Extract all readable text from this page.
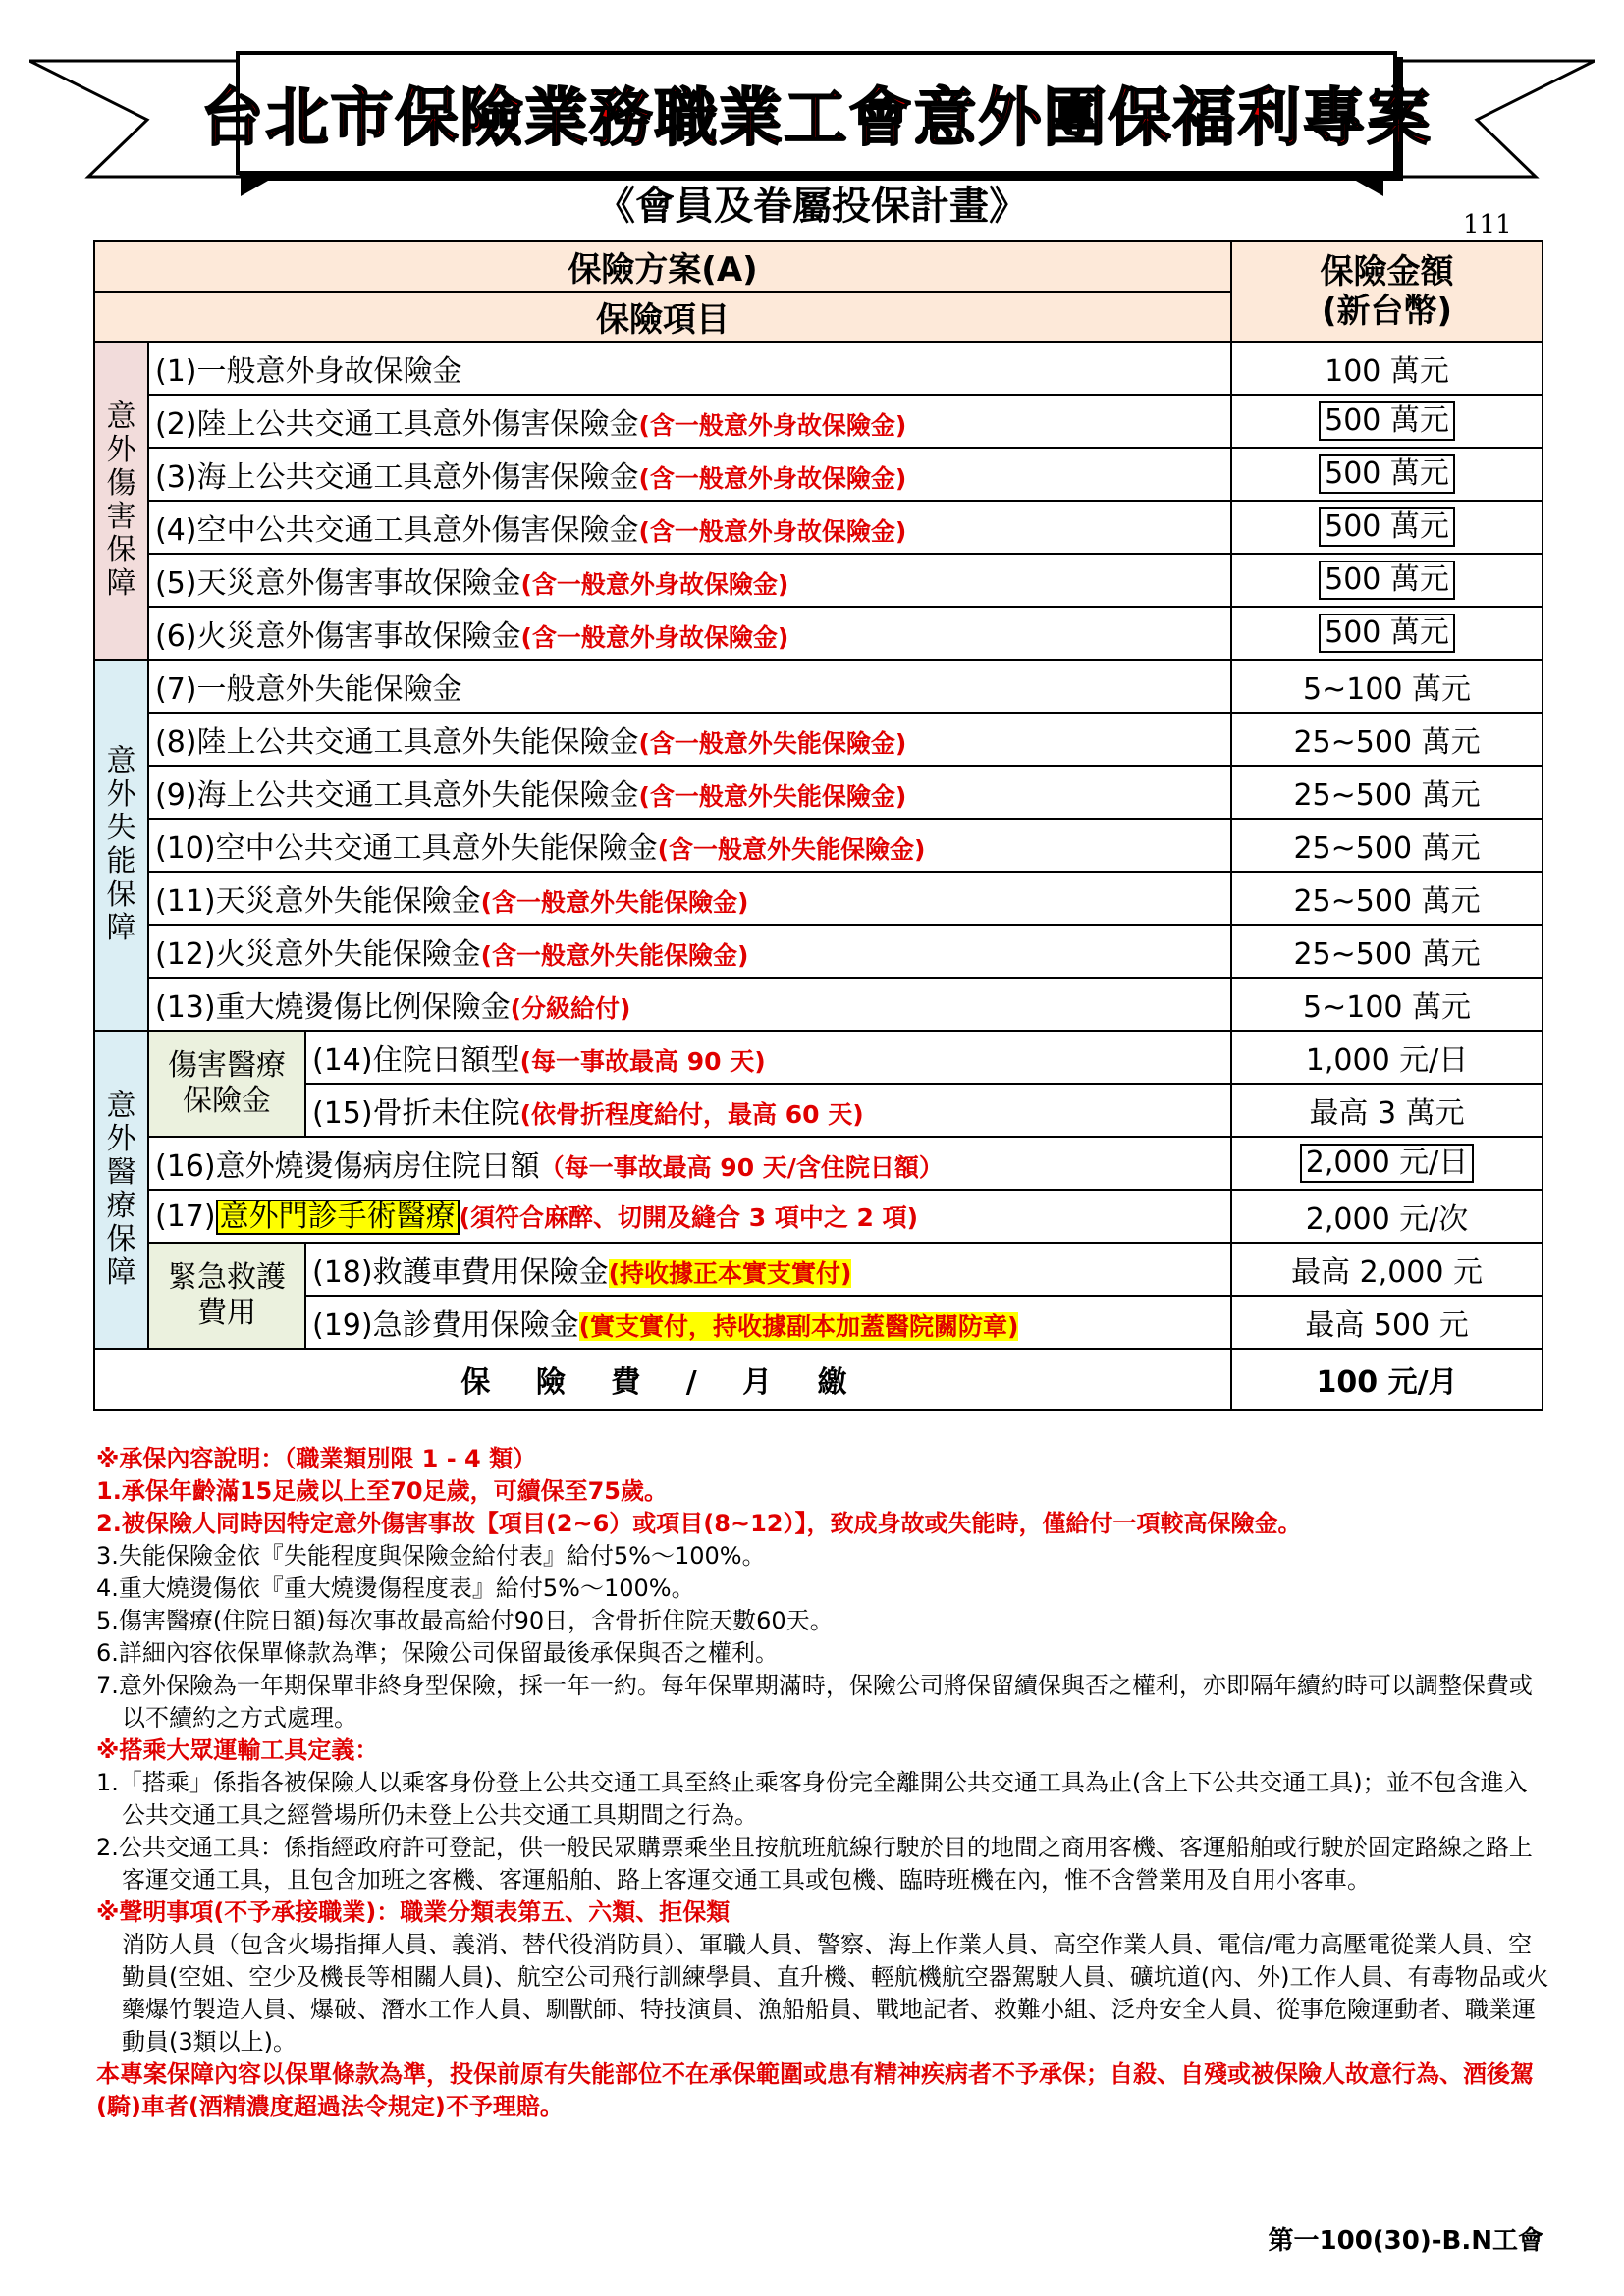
台北市保險業務職業工會意外團保福利專案
《會員及眷屬投保計畫》	111
保險方案(A)			保險金額
(新台幣)
保險項目			
意外傷害保障	(1)一般意外身故保險金		100 萬元
	(2)陸上公共交通工具意外傷害保險金(含一般意外身故保險金)		500 萬元
	(3)海上公共交通工具意外傷害保險金(含一般意外身故保險金)		500 萬元
	(4)空中公共交通工具意外傷害保險金(含一般意外身故保險金)		500 萬元
	(5)天災意外傷害事故保險金(含一般意外身故保險金)		500 萬元
	(6)火災意外傷害事故保險金(含一般意外身故保險金)		500 萬元
意外失能保障	(7)一般意外失能保險金		5~100 萬元
	(8)陸上公共交通工具意外失能保險金(含一般意外失能保險金)		25~500 萬元
	(9)海上公共交通工具意外失能保險金(含一般意外失能保險金)		25~500 萬元
	(10)空中公共交通工具意外失能保險金(含一般意外失能保險金)		25~500 萬元
	(11)天災意外失能保險金(含一般意外失能保險金)		25~500 萬元
	(12)火災意外失能保險金(含一般意外失能保險金)		25~500 萬元
	(13)重大燒燙傷比例保險金(分級給付)		5~100 萬元
意外醫療保障	傷害醫療保險金	(14)住院日額型(每一事故最高 90 天)	1,000 元/日
		(15)骨折未住院(依骨折程度給付，最高 60 天)	最高 3 萬元
	(16)意外燒燙傷病房住院日額（每一事故最高 90 天/含住院日額）		2,000 元/日
	(17) 意外門診手術醫療 (須符合麻醉、切開及縫合 3 項中之 2 項)		2,000 元/次
	緊急救護費用	(18)救護車費用保險金(持收據正本實支實付)	最高 2,000 元
		(19)急診費用保險金(實支實付，持收據副本加蓋醫院關防章)	最高 500 元
保 險 費 / 月 繳			100 元/月

※承保內容說明：（職業類別限 1 - 4 類）

1.承保年齡滿15足歲以上至70足歲，可續保至75歲。

2.被保險人同時因特定意外傷害事故【項目(2~6）或項目(8~12）】，致成身故或失能時，僅給付一項較高保險金。

3.失能保險金依『失能程度與保險金給付表』給付5%～100%。

4.重大燒燙傷依『重大燒燙傷程度表』給付5%～100%。

5.傷害醫療(住院日額)每次事故最高給付90日，含骨折住院天數60天。

6.詳細內容依保單條款為準；保險公司保留最後承保與否之權利。

7.意外保險為一年期保單非終身型保險，採一年一約。每年保單期滿時，保險公司將保留續保與否之權利，亦即隔年續約時可以調整保費或以不續約之方式處理。

※搭乘大眾運輸工具定義：

1.「搭乘」係指各被保險人以乘客身份登上公共交通工具至終止乘客身份完全離開公共交通工具為止(含上下公共交通工具)；並不包含進入公共交通工具之經營場所仍未登上公共交通工具期間之行為。

2.公共交通工具：係指經政府許可登記，供一般民眾購票乘坐且按航班航線行駛於目的地間之商用客機、客運船舶或行駛於固定路線之路上客運交通工具，且包含加班之客機、客運船舶、路上客運交通工具或包機、臨時班機在內，惟不含營業用及自用小客車。

※聲明事項(不予承接職業)：職業分類表第五、六類、拒保類

消防人員（包含火場指揮人員、義消、替代役消防員）、軍職人員、警察、海上作業人員、高空作業人員、電信/電力高壓電從業人員、空勤員(空姐、空少及機長等相關人員)、航空公司飛行訓練學員、直升機、輕航機航空器駕駛人員、礦坑道(內、外)工作人員、有毒物品或火藥爆竹製造人員、爆破、潛水工作人員、馴獸師、特技演員、漁船船員、戰地記者、救難小組、泛舟安全人員、從事危險運動者、職業運動員(3類以上)。

本專案保障內容以保單條款為準，投保前原有失能部位不在承保範圍或患有精神疾病者不予承保；自殺、自殘或被保險人故意行為、酒後駕(騎)車者(酒精濃度超過法令規定)不予理賠。

第一100(30)-B.N工會
